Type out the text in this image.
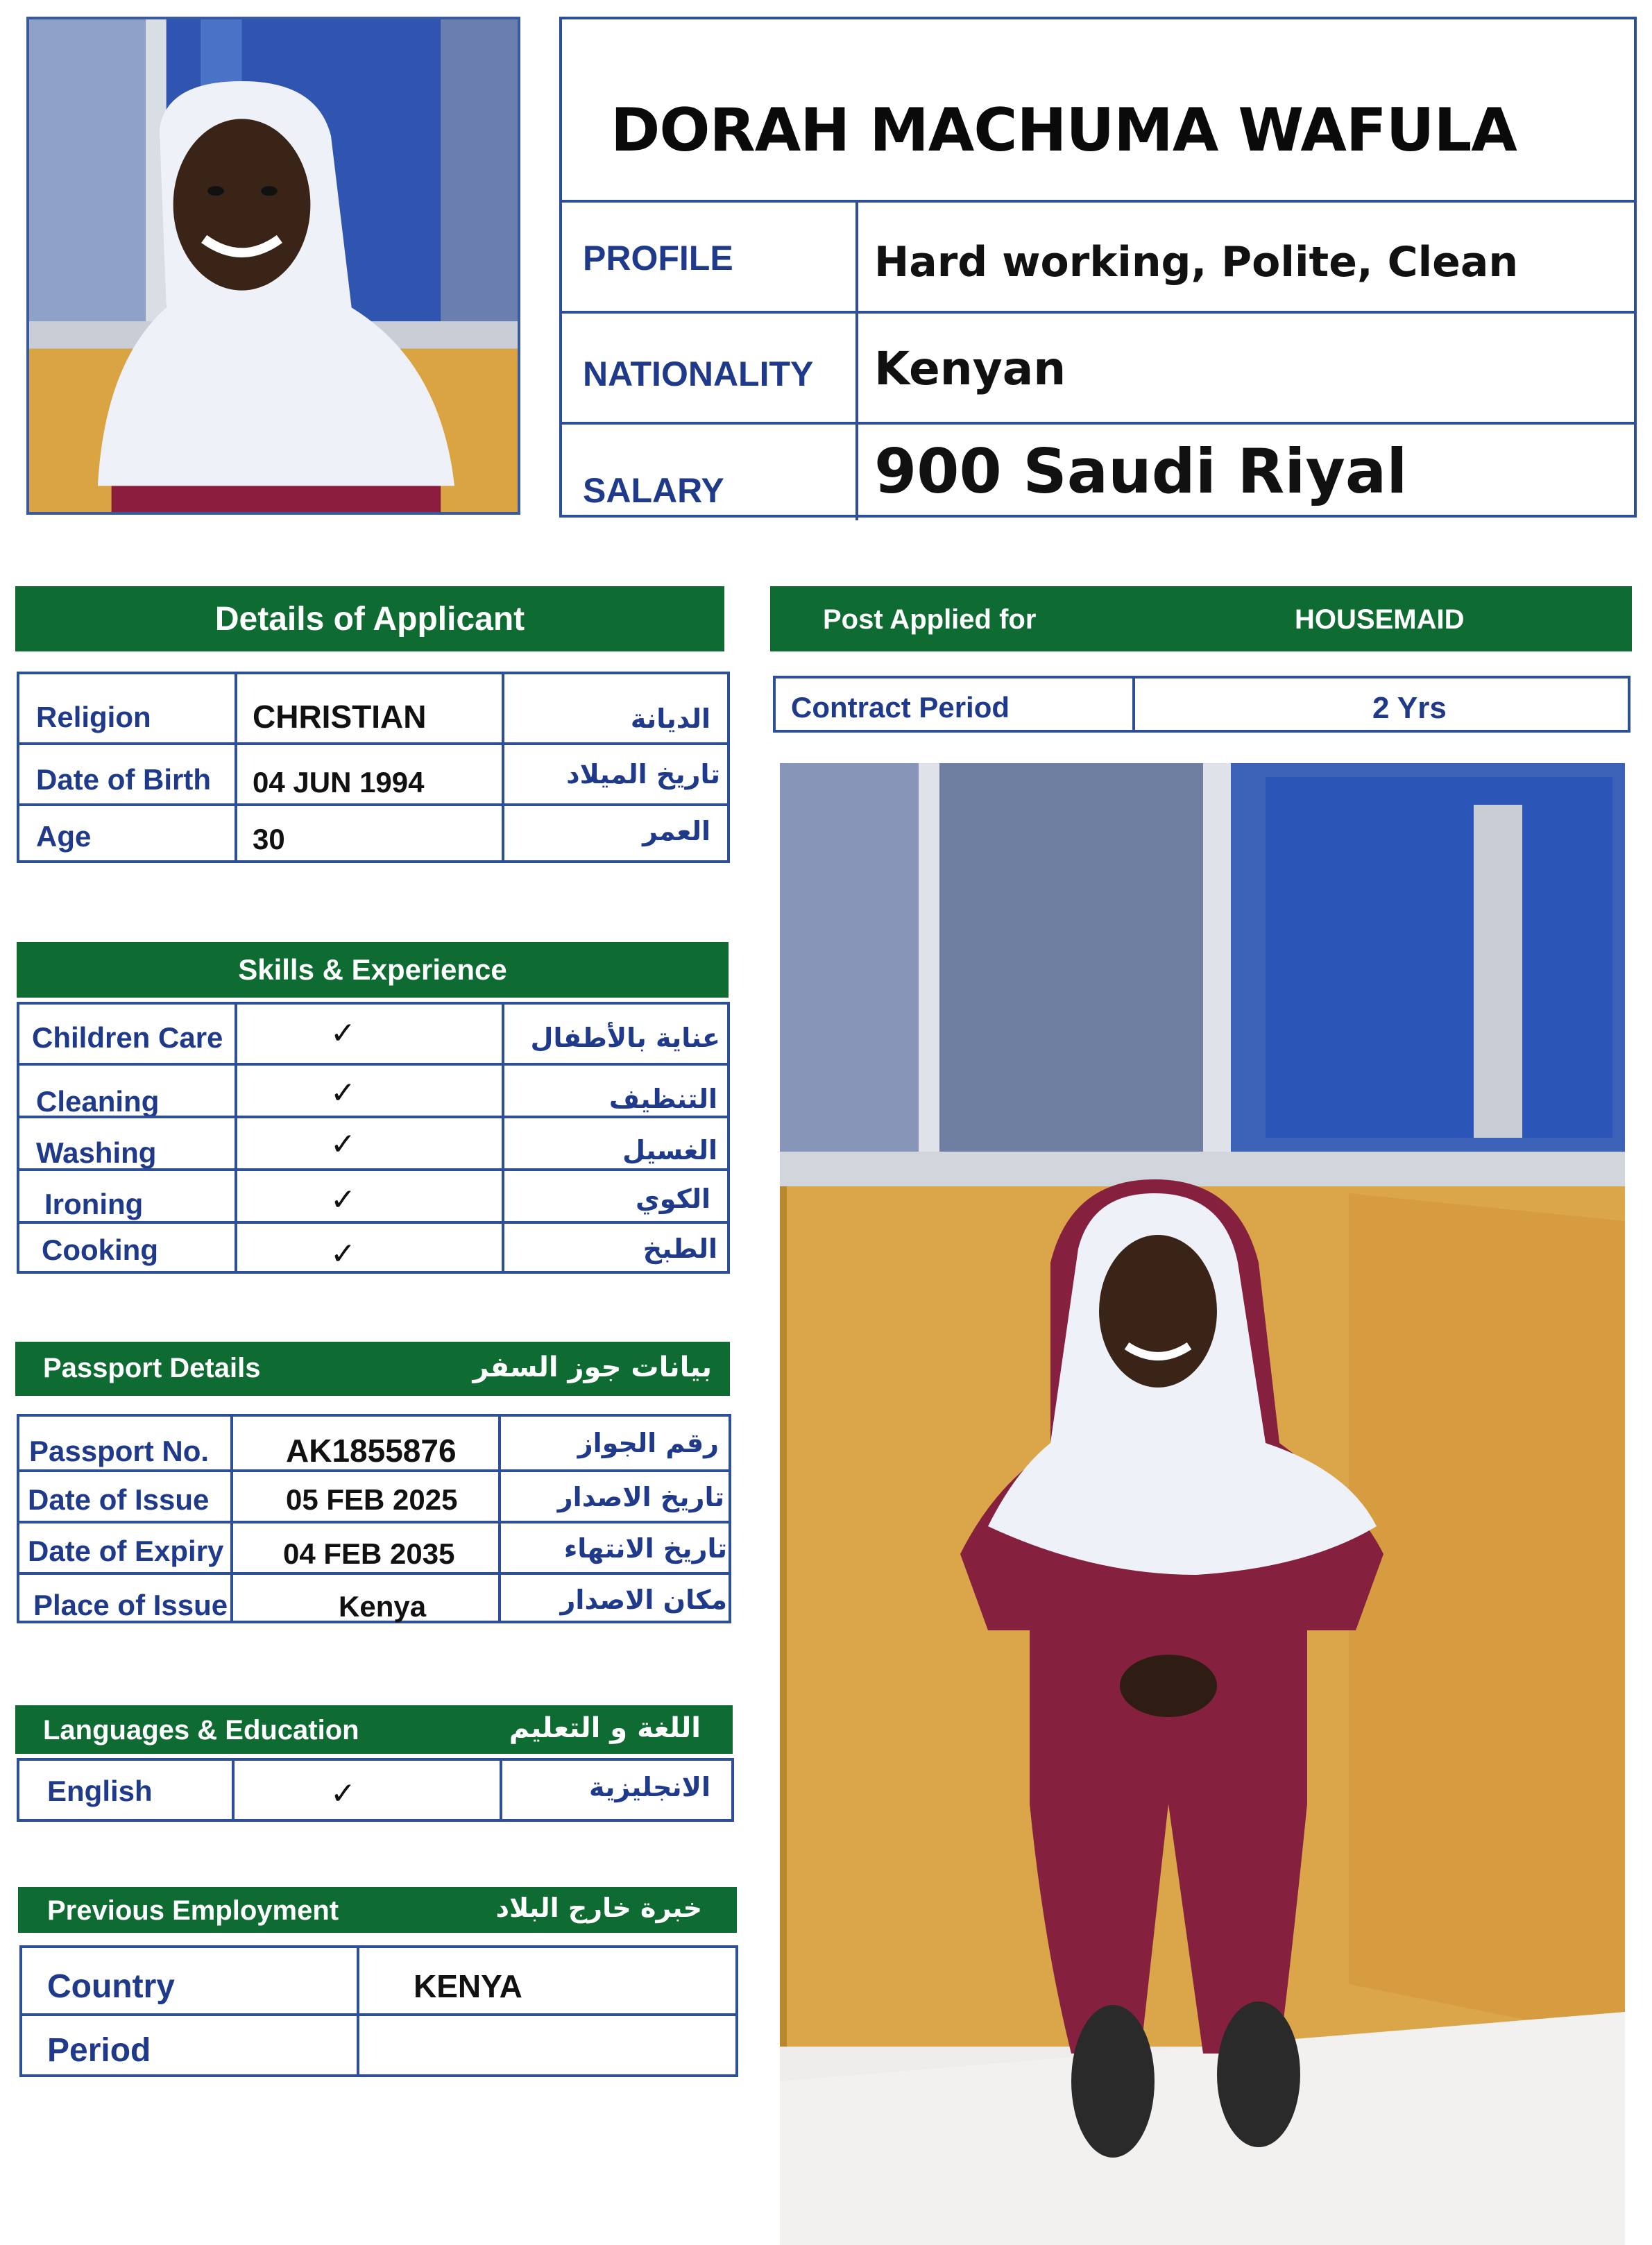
DORAH MACHUMA WAFULA
PROFILE	Hard working, Polite, Clean
NATIONALITY Kenyan
SALARY 900 Saudi Riyal
Details of Applicant
Religion	CHRISTIAN	الديانة
Date of Birth 04 JUN 1994	تاريخ الميلاد
Age	30	العمر
Skills & Experience
Children Care	✓	عناية بالأطفال
Cleaning	✓	التنظيف
Washing	✓	الغسيل
Ironing	✓	الكوي
Cooking	✓	الطبخ
Passport Details	بيانات جوز السفر
Passport No. AK1855876	رقم الجواز
Date of Issue	05 FEB 2025	تاريخ الاصدار
Date of Expiry 04 FEB 2035	تاريخ الانتهاء
Place of Issue	Kenya	مكان الاصدار
Languages & Education	اللغة و التعليم
English	✓	الانجليزية
Previous Employment	خبرة خارج البلاد
Country	KENYA
Period
Post Applied for	HOUSEMAID
Contract Period	2 Yrs
